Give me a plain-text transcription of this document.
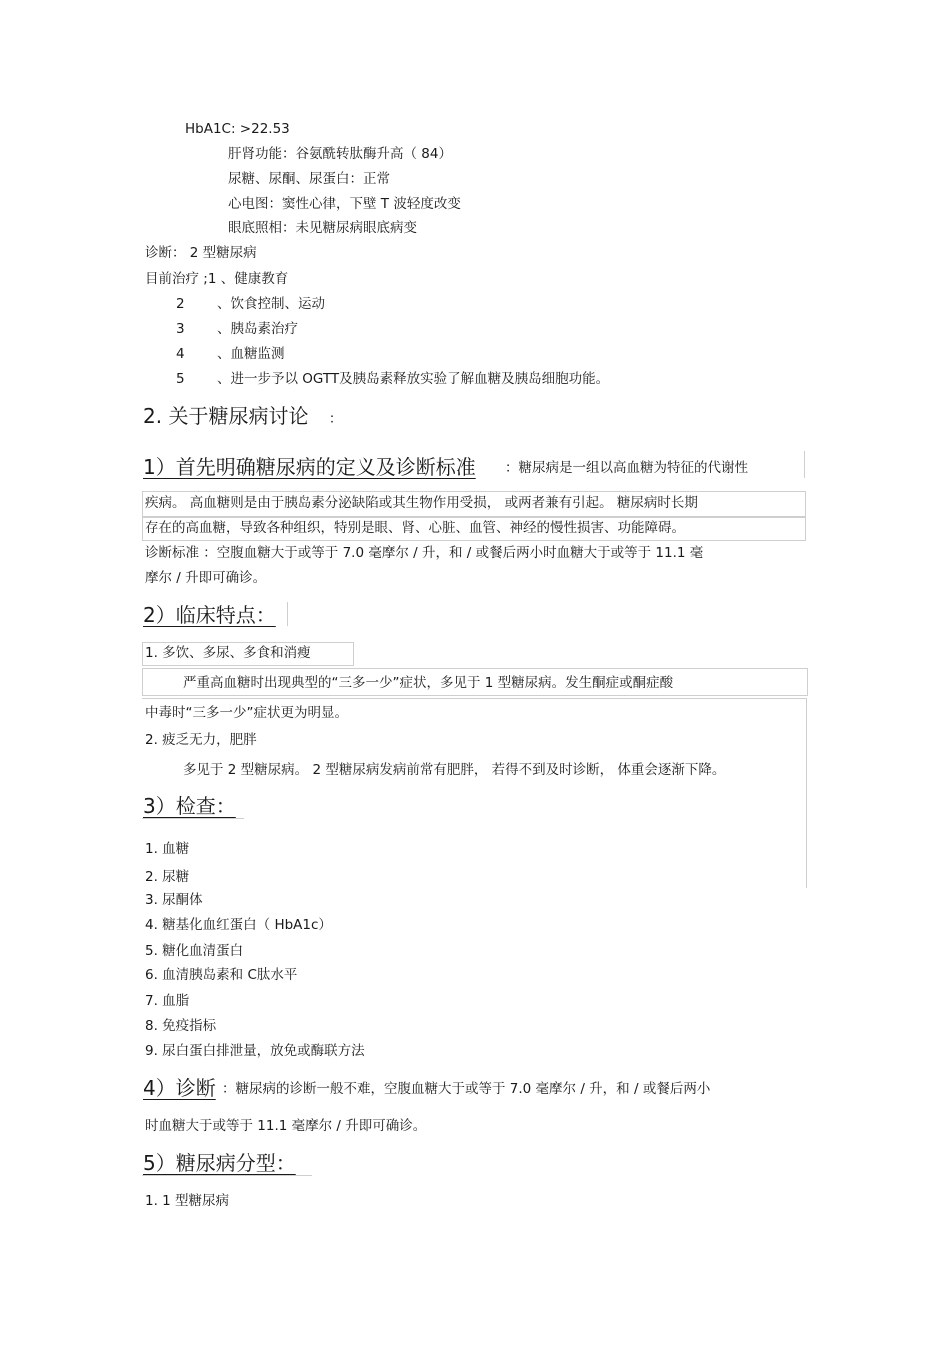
HbA1C: >22.53
肝肾功能：谷氨酰转肽酶升高（ 84）
尿糖、尿酮、尿蛋白：正常
心电图：窦性心律，下壁 T 波轻度改变
眼底照相：未见糖尿病眼底病变
诊断： 2 型糖尿病
目前治疗 ;1 、健康教育
2 、饮食控制、运动
3 、胰岛素治疗
4 、血糖监测
5 、进一步予以 OGTT及胰岛素释放实验了解血糖及胰岛细胞功能。
2. 关于糖尿病讨论 ：
1）首先明确糖尿病的定义及诊断标准 ：糖尿病是一组以高血糖为特征的代谢性
疾病。 高血糖则是由于胰岛素分泌缺陷或其生物作用受损， 或两者兼有引起。 糖尿病时长期
存在的高血糖，导致各种组织，特别是眼、肾、心脏、血管、神经的慢性损害、功能障碍。
诊断标准 ：空腹血糖大于或等于 7.0 毫摩尔 / 升，和 / 或餐后两小时血糖大于或等于 11.1 毫
摩尔 / 升即可确诊。
2）临床特点：
1. 多饮、多尿、多食和消瘦
严重高血糖时出现典型的“三多一少”症状，多见于 1 型糖尿病。发生酮症或酮症酸
中毒时“三多一少”症状更为明显。
2. 疲乏无力，肥胖
多见于 2 型糖尿病。 2 型糖尿病发病前常有肥胖， 若得不到及时诊断， 体重会逐渐下降。
3）检查：
1. 血糖
2. 尿糖
3. 尿酮体
4. 糖基化血红蛋白（ HbA1c）
5. 糖化血清蛋白
6. 血清胰岛素和 C肽水平
7. 血脂
8. 免疫指标
9. 尿白蛋白排泄量，放免或酶联方法
4）诊断 ：糖尿病的诊断一般不难，空腹血糖大于或等于 7.0 毫摩尔 / 升，和 / 或餐后两小
时血糖大于或等于 11.1 毫摩尔 / 升即可确诊。
5）糖尿病分型：
1. 1 型糖尿病
